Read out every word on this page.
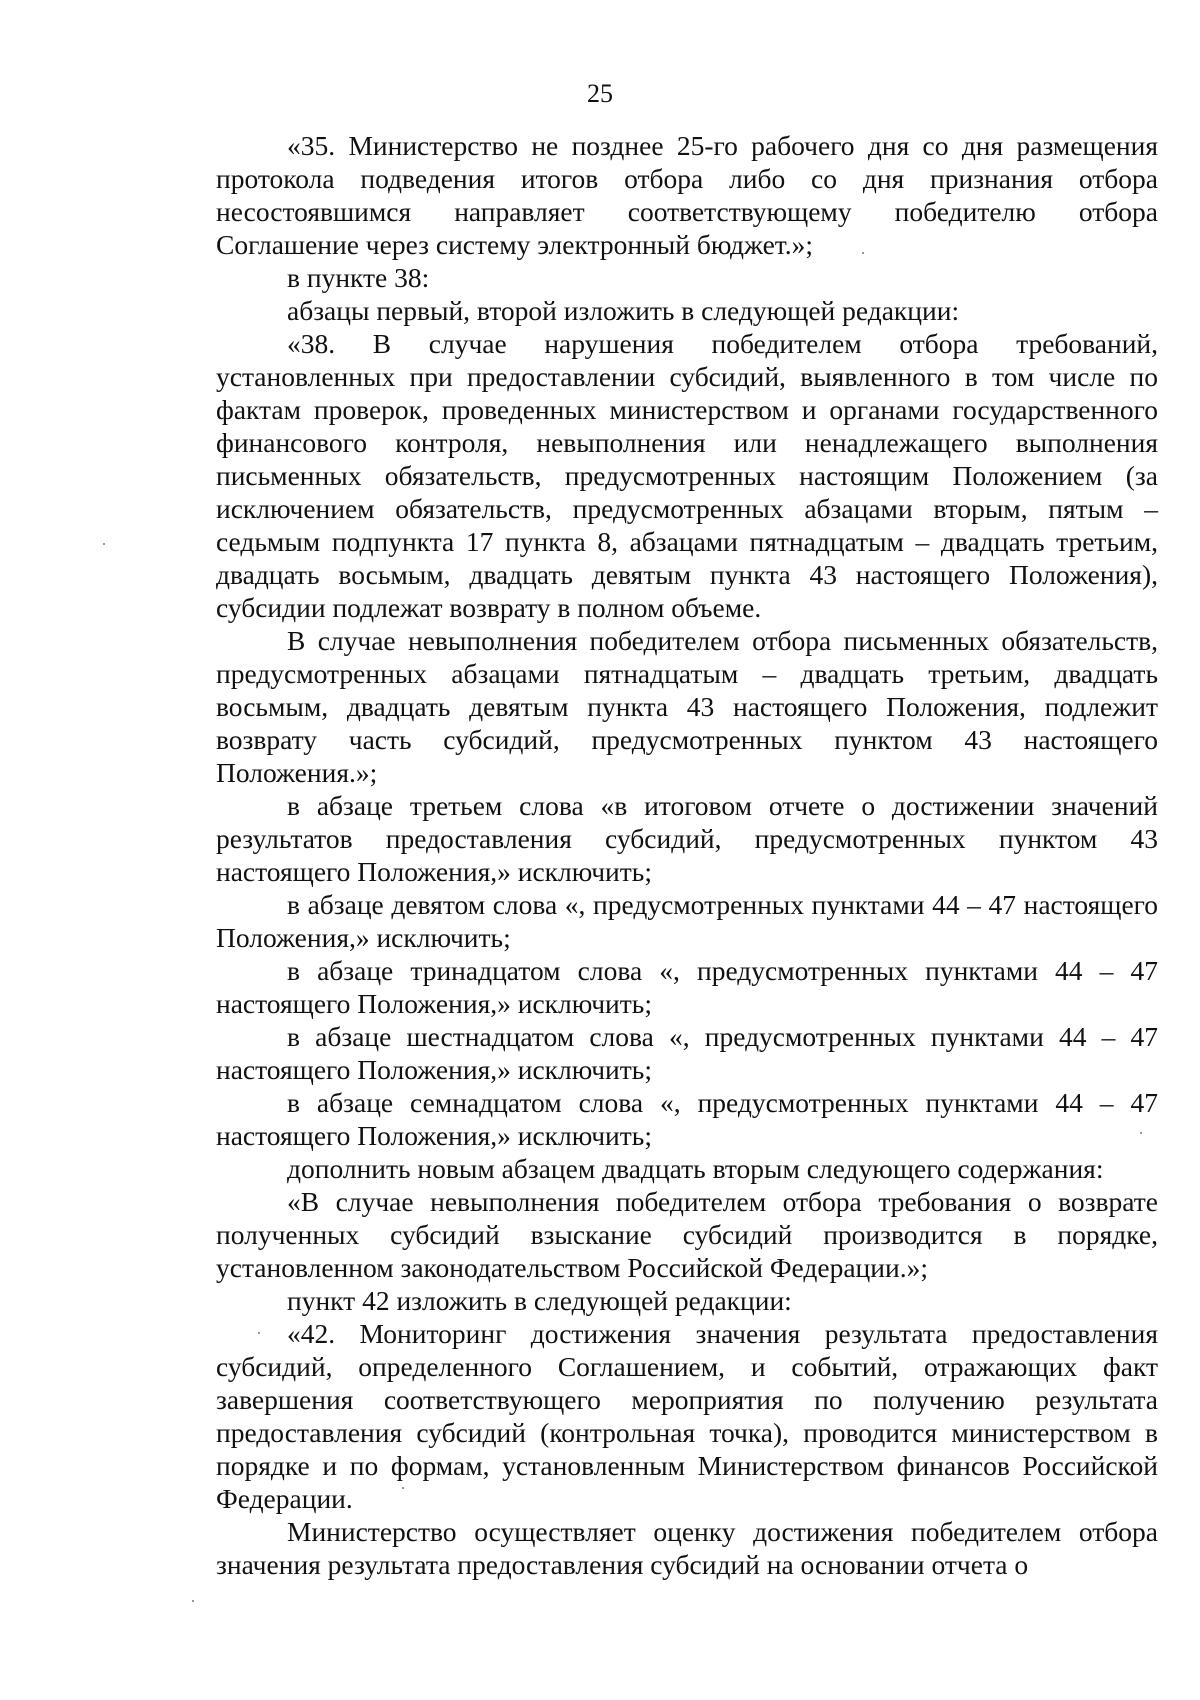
25

«35. Министерство не позднее 25-го рабочего дня со дня размещения протокола подведения итогов отбора либо со дня признания отбора несостоявшимся направляет соответствующему победителю отбора Соглашение через систему электронный бюджет.»;

в пункте 38:

абзацы первый, второй изложить в следующей редакции:

«38. В случае нарушения победителем отбора требований, установленных при предоставлении субсидий, выявленного в том числе по фактам проверок, проведенных министерством и органами государственного финансового контроля, невыполнения или ненадлежащего выполнения письменных обязательств, предусмотренных настоящим Положением (за исключением обязательств, предусмотренных абзацами вторым, пятым – седьмым подпункта 17 пункта 8, абзацами пятнадцатым – двадцать третьим, двадцать восьмым, двадцать девятым пункта 43 настоящего Положения), субсидии подлежат возврату в полном объеме.

В случае невыполнения победителем отбора письменных обязательств, предусмотренных абзацами пятнадцатым – двадцать третьим, двадцать восьмым, двадцать девятым пункта 43 настоящего Положения, подлежит возврату часть субсидий, предусмотренных пунктом 43 настоящего Положения.»;

в абзаце третьем слова «в итоговом отчете о достижении значений результатов предоставления субсидий, предусмотренных пунктом 43 настоящего Положения,» исключить;

в абзаце девятом слова «, предусмотренных пунктами 44 – 47 настоящего Положения,» исключить;

в абзаце тринадцатом слова «, предусмотренных пунктами 44 – 47 настоящего Положения,» исключить;

в абзаце шестнадцатом слова «, предусмотренных пунктами 44 – 47 настоящего Положения,» исключить;

в абзаце семнадцатом слова «, предусмотренных пунктами 44 – 47 настоящего Положения,» исключить;

дополнить новым абзацем двадцать вторым следующего содержания:

«В случае невыполнения победителем отбора требования о возврате полученных субсидий взыскание субсидий производится в порядке, установленном законодательством Российской Федерации.»;

пункт 42 изложить в следующей редакции:

«42. Мониторинг достижения значения результата предоставления субсидий, определенного Соглашением, и событий, отражающих факт завершения соответствующего мероприятия по получению результата предоставления субсидий (контрольная точка), проводится министерством в порядке и по формам, установленным Министерством финансов Российской Федерации.

Министерство осуществляет оценку достижения победителем отбора значения результата предоставления субсидий на основании отчета о
